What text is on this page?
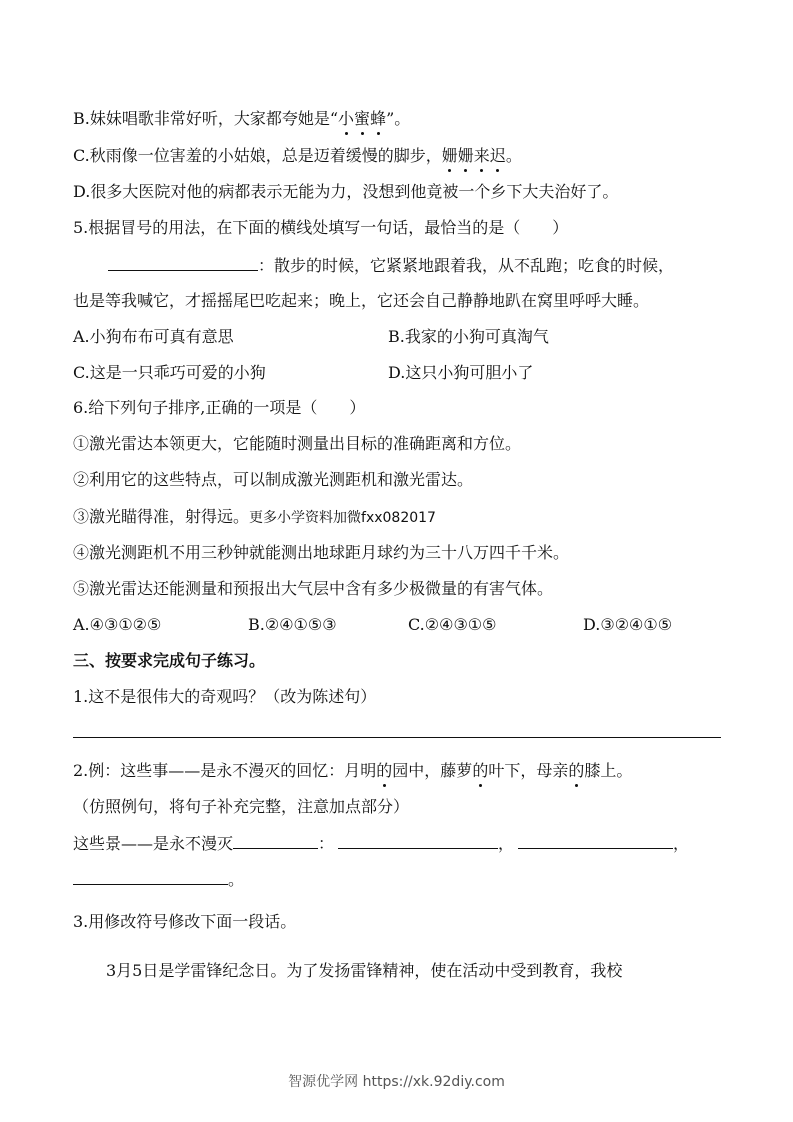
B.妹妹唱歌非常好听，大家都夸她是“小蜜蜂”。
C.秋雨像一位害羞的小姑娘，总是迈着缓慢的脚步，姗姗来迟。
D.很多大医院对他的病都表示无能为力，没想到他竟被一个乡下大夫治好了。
5.根据冒号的用法，在下面的横线处填写一句话，最恰当的是（　　）
：散步的时候，它紧紧地跟着我，从不乱跑；吃食的时候，
也是等我喊它，才摇摇尾巴吃起来；晚上，它还会自己静静地趴在窝里呼呼大睡。
A.小狗布布可真有意思	B.我家的小狗可真淘气
C.这是一只乖巧可爱的小狗	D.这只小狗可胆小了
6.给下列句子排序,正确的一项是（　　）
①激光雷达本领更大，它能随时测量出目标的准确距离和方位。
②利用它的这些特点，可以制成激光测距机和激光雷达。
③激光瞄得准，射得远。更多小学资料加微fxx082017
④激光测距机不用三秒钟就能测出地球距月球约为三十八万四千千米。
⑤激光雷达还能测量和预报出大气层中含有多少极微量的有害气体。
A.④③①②⑤	B.②④①⑤③	C.②④③①⑤	D.③②④①⑤
三、按要求完成句子练习。
1.这不是很伟大的奇观吗？（改为陈述句）
2.例：这些事——是永不漫灭的回忆：月明的园中，藤萝的叶下，母亲的膝上。
（仿照例句，将句子补充完整，注意加点部分）
这些景——是永不漫灭	：	，	，
。
3.用修改符号修改下面一段话。
3月5日是学雷锋纪念日。为了发扬雷锋精神，使在活动中受到教育，我校
智源优学网 https://xk.92diy.com
